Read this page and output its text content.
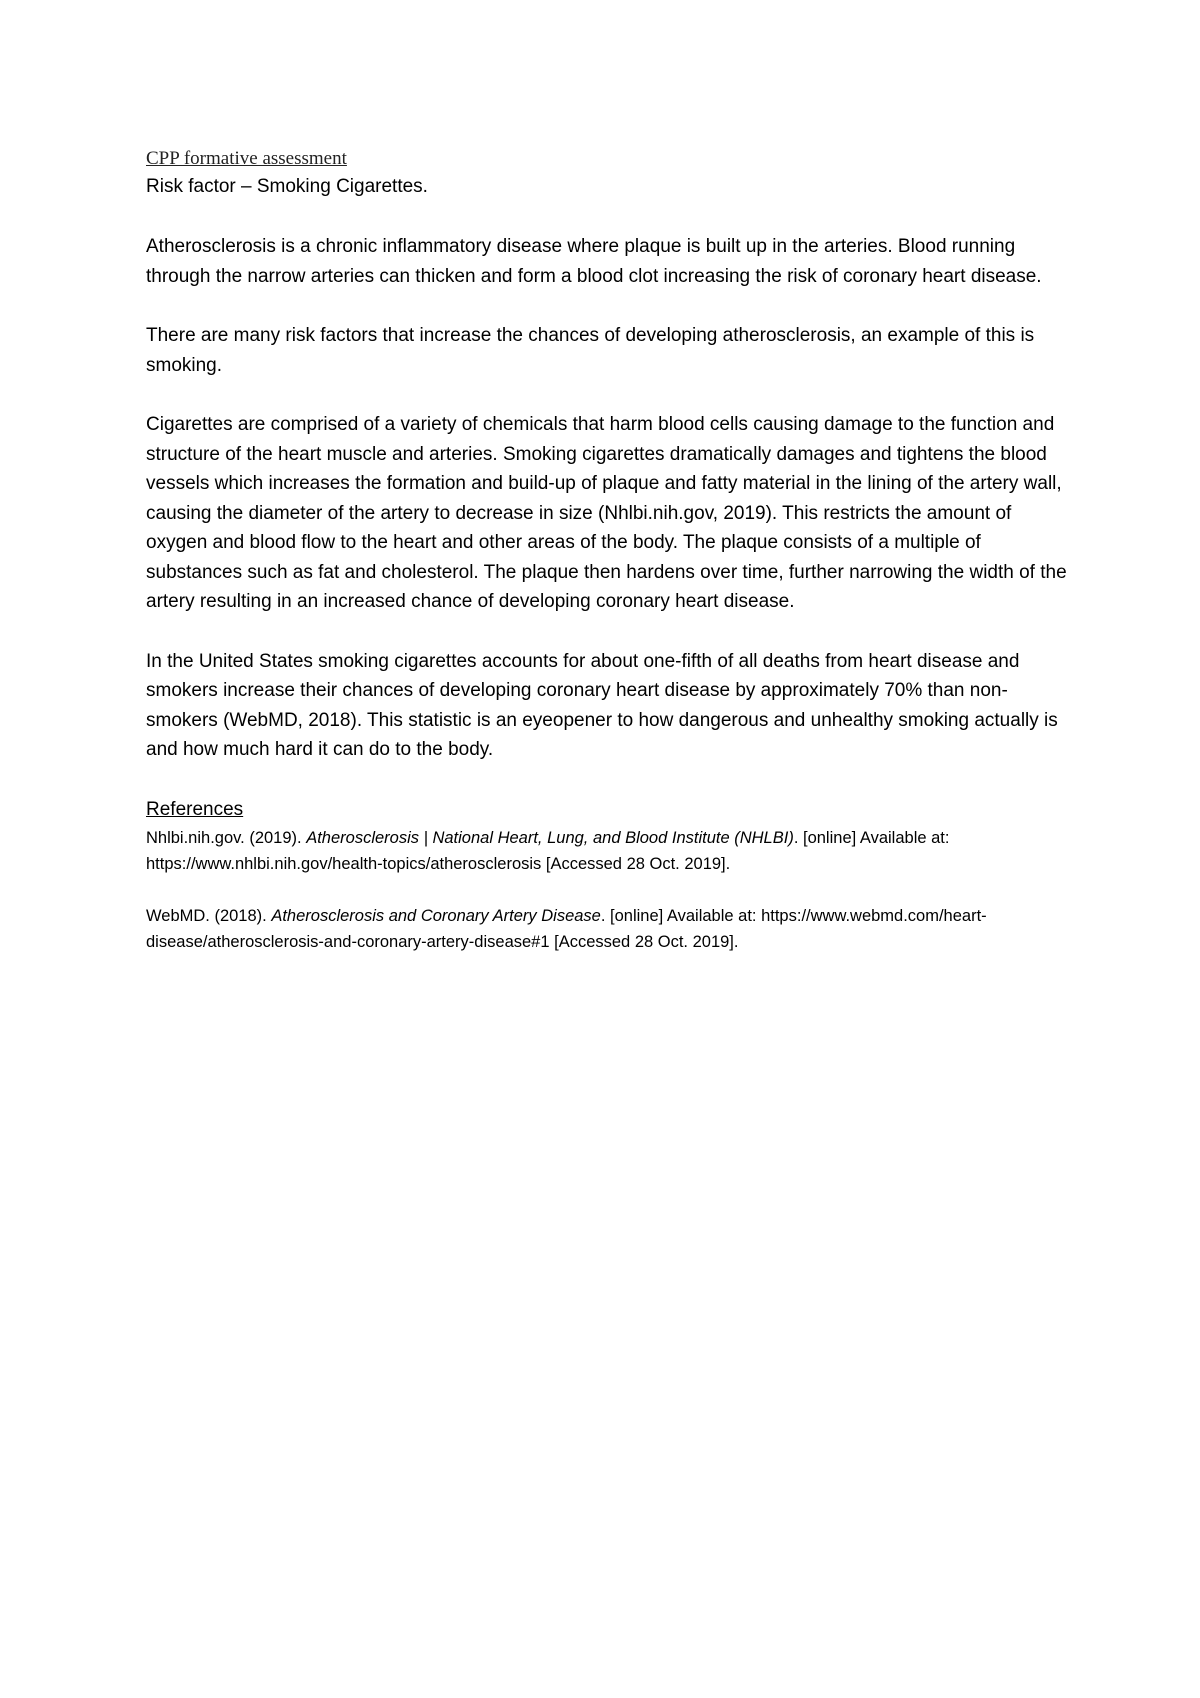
CPP formative assessment

Risk factor – Smoking Cigarettes.

Atherosclerosis is a chronic inflammatory disease where plaque is built up in the arteries. Blood running through the narrow arteries can thicken and form a blood clot increasing the risk of coronary heart disease.

There are many risk factors that increase the chances of developing atherosclerosis, an example of this is smoking.

Cigarettes are comprised of a variety of chemicals that harm blood cells causing damage to the function and structure of the heart muscle and arteries. Smoking cigarettes dramatically damages and tightens the blood vessels which increases the formation and build-up of plaque and fatty material in the lining of the artery wall, causing the diameter of the artery to decrease in size (Nhlbi.nih.gov, 2019). This restricts the amount of oxygen and blood flow to the heart and other areas of the body. The plaque consists of a multiple of substances such as fat and cholesterol. The plaque then hardens over time, further narrowing the width of the artery resulting in an increased chance of developing coronary heart disease.

In the United States smoking cigarettes accounts for about one-fifth of all deaths from heart disease and smokers increase their chances of developing coronary heart disease by approximately 70% than non-smokers (WebMD, 2018). This statistic is an eyeopener to how dangerous and unhealthy smoking actually is and how much hard it can do to the body.

References

Nhlbi.nih.gov. (2019). Atherosclerosis | National Heart, Lung, and Blood Institute (NHLBI). [online] Available at: https://www.nhlbi.nih.gov/health-topics/atherosclerosis [Accessed 28 Oct. 2019].

WebMD. (2018). Atherosclerosis and Coronary Artery Disease. [online] Available at: https://www.webmd.com/heart-disease/atherosclerosis-and-coronary-artery-disease#1 [Accessed 28 Oct. 2019].
